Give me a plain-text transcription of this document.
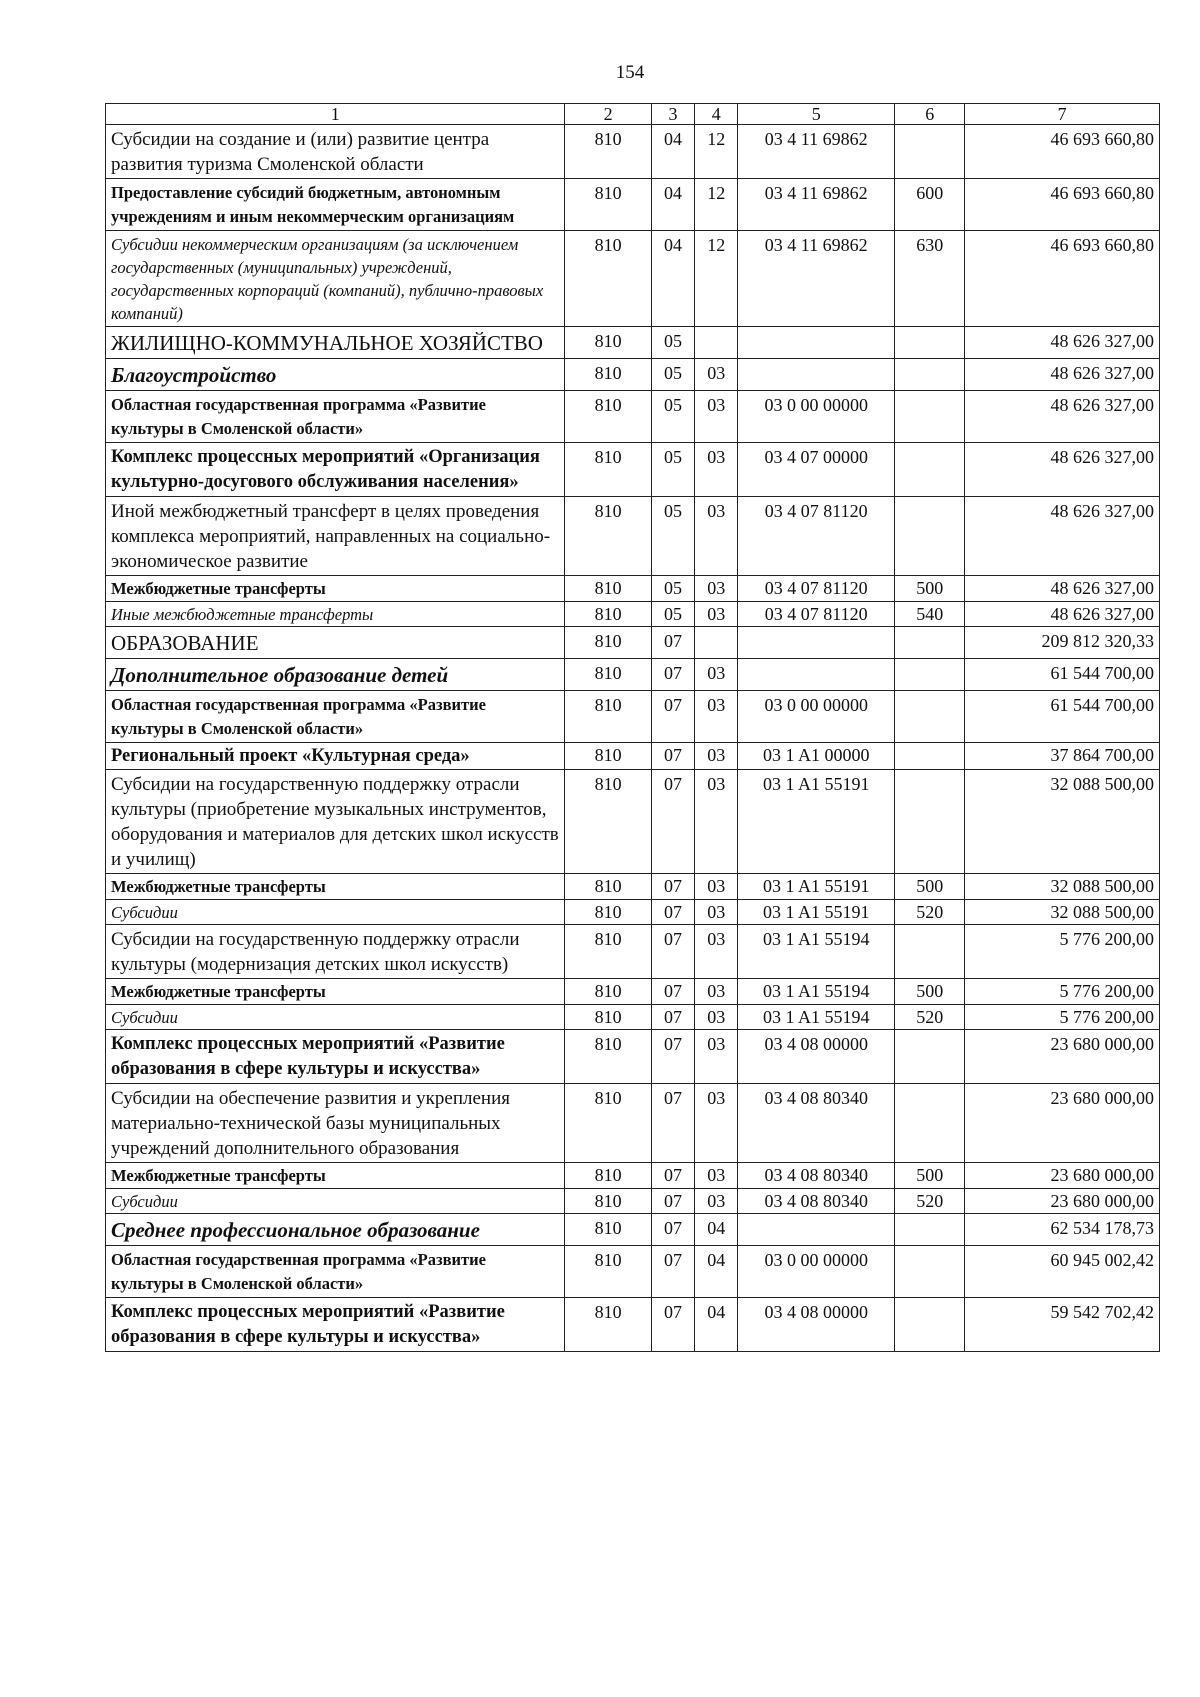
154
1	2	3	4	5	6	7
Субсидии на создание и (или) развитие центра развития туризма Смоленской области	810	04	12	03 4 11 69862		46 693 660,80
Предоставление субсидий бюджетным, автономным учреждениям и иным некоммерческим организациям	810	04	12	03 4 11 69862	600	46 693 660,80
Субсидии некоммерческим организациям (за исключением государственных (муниципальных) учреждений, государственных корпораций (компаний), публично-правовых компаний)	810	04	12	03 4 11 69862	630	46 693 660,80
ЖИЛИЩНО-КОММУНАЛЬНОЕ ХОЗЯЙСТВО	810	05				48 626 327,00
Благоустройство	810	05	03			48 626 327,00
Областная государственная программа «Развитие культуры в Смоленской области»	810	05	03	03 0 00 00000		48 626 327,00
Комплекс процессных мероприятий «Организация культурно-досугового обслуживания населения»	810	05	03	03 4 07 00000		48 626 327,00
Иной межбюджетный трансферт в целях проведения комплекса мероприятий, направленных на социально-экономическое развитие	810	05	03	03 4 07 81120		48 626 327,00
Межбюджетные трансферты	810	05	03	03 4 07 81120	500	48 626 327,00
Иные межбюджетные трансферты	810	05	03	03 4 07 81120	540	48 626 327,00
ОБРАЗОВАНИЕ	810	07				209 812 320,33
Дополнительное образование детей	810	07	03			61 544 700,00
Областная государственная программа «Развитие культуры в Смоленской области»	810	07	03	03 0 00 00000		61 544 700,00
Региональный проект «Культурная среда»	810	07	03	03 1 A1 00000		37 864 700,00
Субсидии на государственную поддержку отрасли культуры (приобретение музыкальных инструментов, оборудования и материалов для детских школ искусств и училищ)	810	07	03	03 1 A1 55191		32 088 500,00
Межбюджетные трансферты	810	07	03	03 1 A1 55191	500	32 088 500,00
Субсидии	810	07	03	03 1 A1 55191	520	32 088 500,00
Субсидии на государственную поддержку отрасли культуры (модернизация детских школ искусств)	810	07	03	03 1 A1 55194		5 776 200,00
Межбюджетные трансферты	810	07	03	03 1 A1 55194	500	5 776 200,00
Субсидии	810	07	03	03 1 A1 55194	520	5 776 200,00
Комплекс процессных мероприятий «Развитие образования в сфере культуры и искусства»	810	07	03	03 4 08 00000		23 680 000,00
Субсидии на обеспечение развития и укрепления материально-технической базы муниципальных учреждений дополнительного образования	810	07	03	03 4 08 80340		23 680 000,00
Межбюджетные трансферты	810	07	03	03 4 08 80340	500	23 680 000,00
Субсидии	810	07	03	03 4 08 80340	520	23 680 000,00
Среднее профессиональное образование	810	07	04			62 534 178,73
Областная государственная программа «Развитие культуры в Смоленской области»	810	07	04	03 0 00 00000		60 945 002,42
Комплекс процессных мероприятий «Развитие образования в сфере культуры и искусства»	810	07	04	03 4 08 00000		59 542 702,42
